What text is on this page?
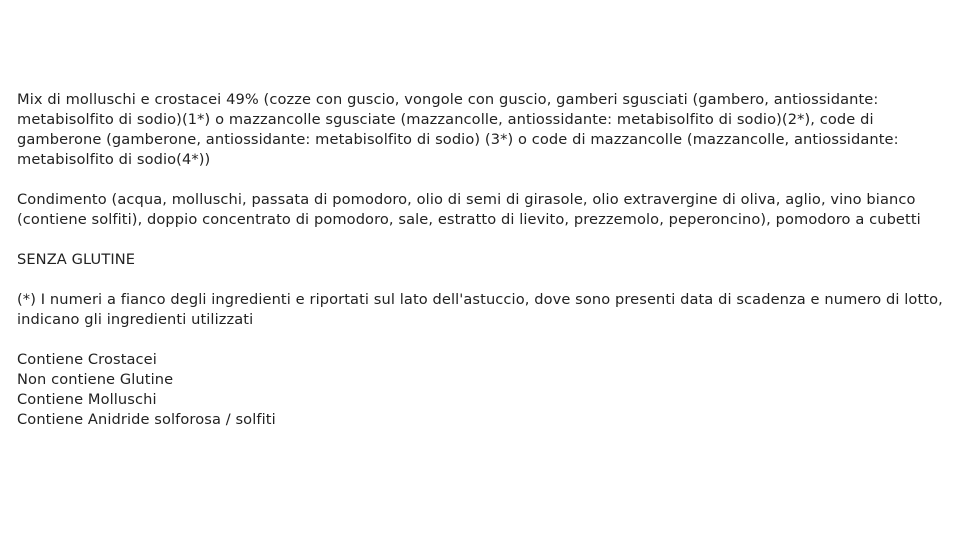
Mix di molluschi e crostacei 49% (cozze con guscio, vongole con guscio, gamberi sgusciati (gambero, antiossidante: metabisolfito di sodio)(1*) o mazzancolle sgusciate (mazzancolle, antiossidante: metabisolfito di sodio)(2*), code di gamberone (gamberone, antiossidante: metabisolfito di sodio) (3*) o code di mazzancolle (mazzancolle, antiossidante: metabisolfito di sodio(4*))

Condimento (acqua, molluschi, passata di pomodoro, olio di semi di girasole, olio extravergine di oliva, aglio, vino bianco (contiene solfiti), doppio concentrato di pomodoro, sale, estratto di lievito, prezzemolo, peperoncino), pomodoro a cubetti

SENZA GLUTINE

(*) I numeri a fianco degli ingredienti e riportati sul lato dell'astuccio, dove sono presenti data di scadenza e numero di lotto, indicano gli ingredienti utilizzati

Contiene Crostacei

Non contiene Glutine

Contiene Molluschi

Contiene Anidride solforosa / solfiti
